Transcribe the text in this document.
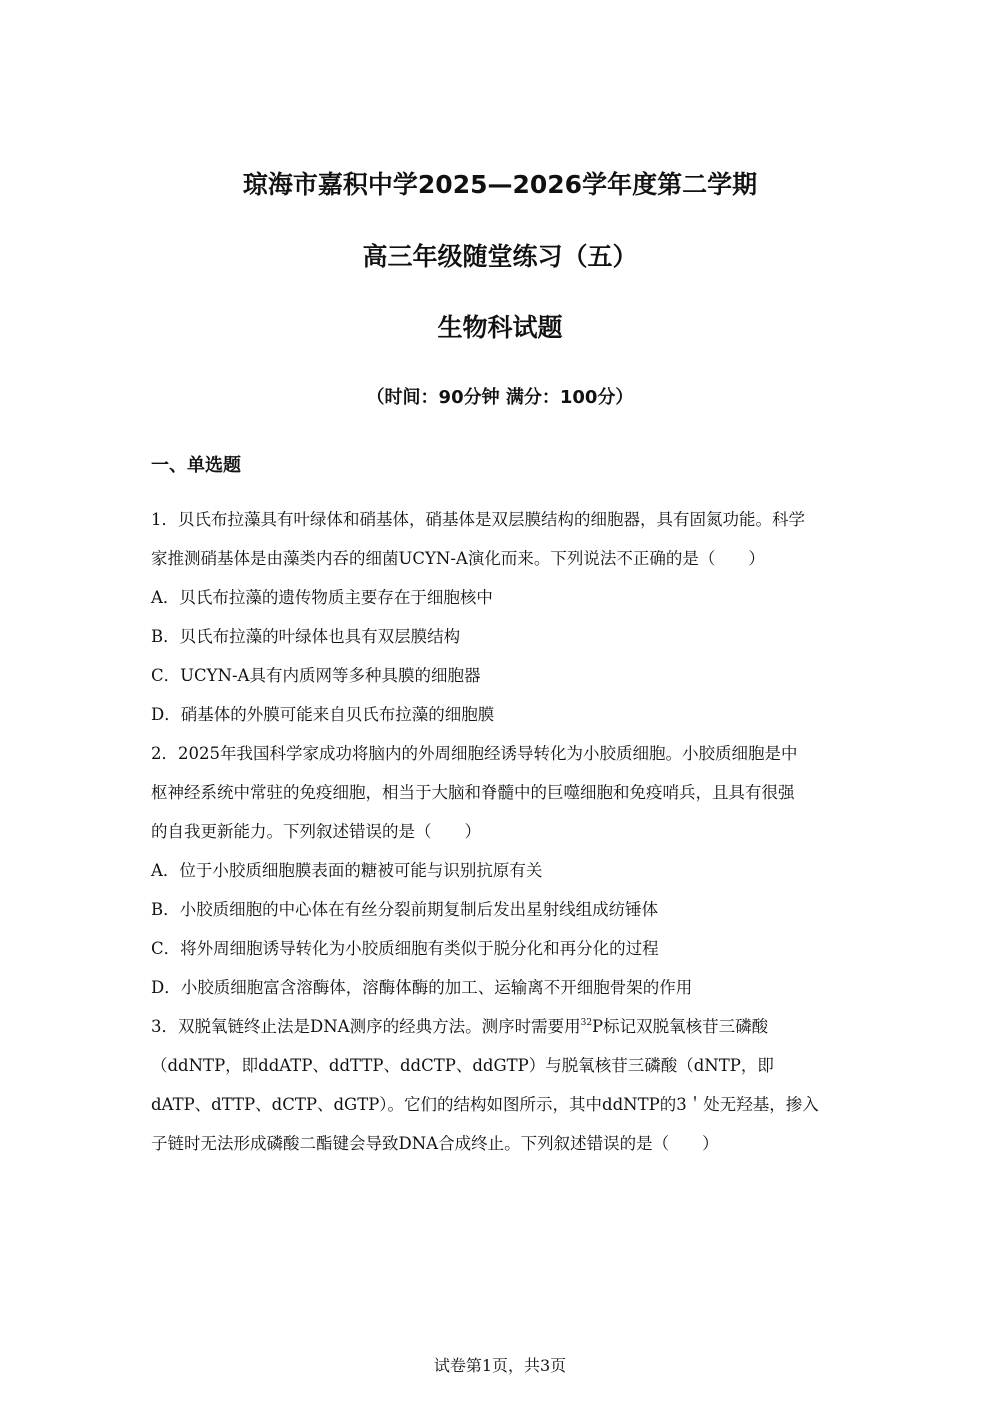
琼海市嘉积中学2025—2026学年度第二学期
高三年级随堂练习（五）
生物科试题
（时间：90分钟 满分：100分）
一、单选题
1．贝氏布拉藻具有叶绿体和硝基体，硝基体是双层膜结构的细胞器，具有固氮功能。科学
家推测硝基体是由藻类内吞的细菌UCYN-A演化而来。下列说法不正确的是（　　）
A．贝氏布拉藻的遗传物质主要存在于细胞核中
B．贝氏布拉藻的叶绿体也具有双层膜结构
C．UCYN-A具有内质网等多种具膜的细胞器
D．硝基体的外膜可能来自贝氏布拉藻的细胞膜
2．2025年我国科学家成功将脑内的外周细胞经诱导转化为小胶质细胞。小胶质细胞是中
枢神经系统中常驻的免疫细胞，相当于大脑和脊髓中的巨噬细胞和免疫哨兵，且具有很强
的自我更新能力。下列叙述错误的是（　　）
A．位于小胶质细胞膜表面的糖被可能与识别抗原有关
B．小胶质细胞的中心体在有丝分裂前期复制后发出星射线组成纺锤体
C．将外周细胞诱导转化为小胶质细胞有类似于脱分化和再分化的过程
D．小胶质细胞富含溶酶体，溶酶体酶的加工、运输离不开细胞骨架的作用
3．双脱氧链终止法是DNA测序的经典方法。测序时需要用$^{32}$P标记双脱氧核苷三磷酸
（ddNTP，即ddATP、ddTTP、ddCTP、ddGTP）与脱氧核苷三磷酸（dNTP，即
dATP、dTTP、dCTP、dGTP）。它们的结构如图所示，其中ddNTP的3＇处无羟基，掺入
子链时无法形成磷酸二酯键会导致DNA合成终止。下列叙述错误的是（　　）
试卷第1页，共3页
